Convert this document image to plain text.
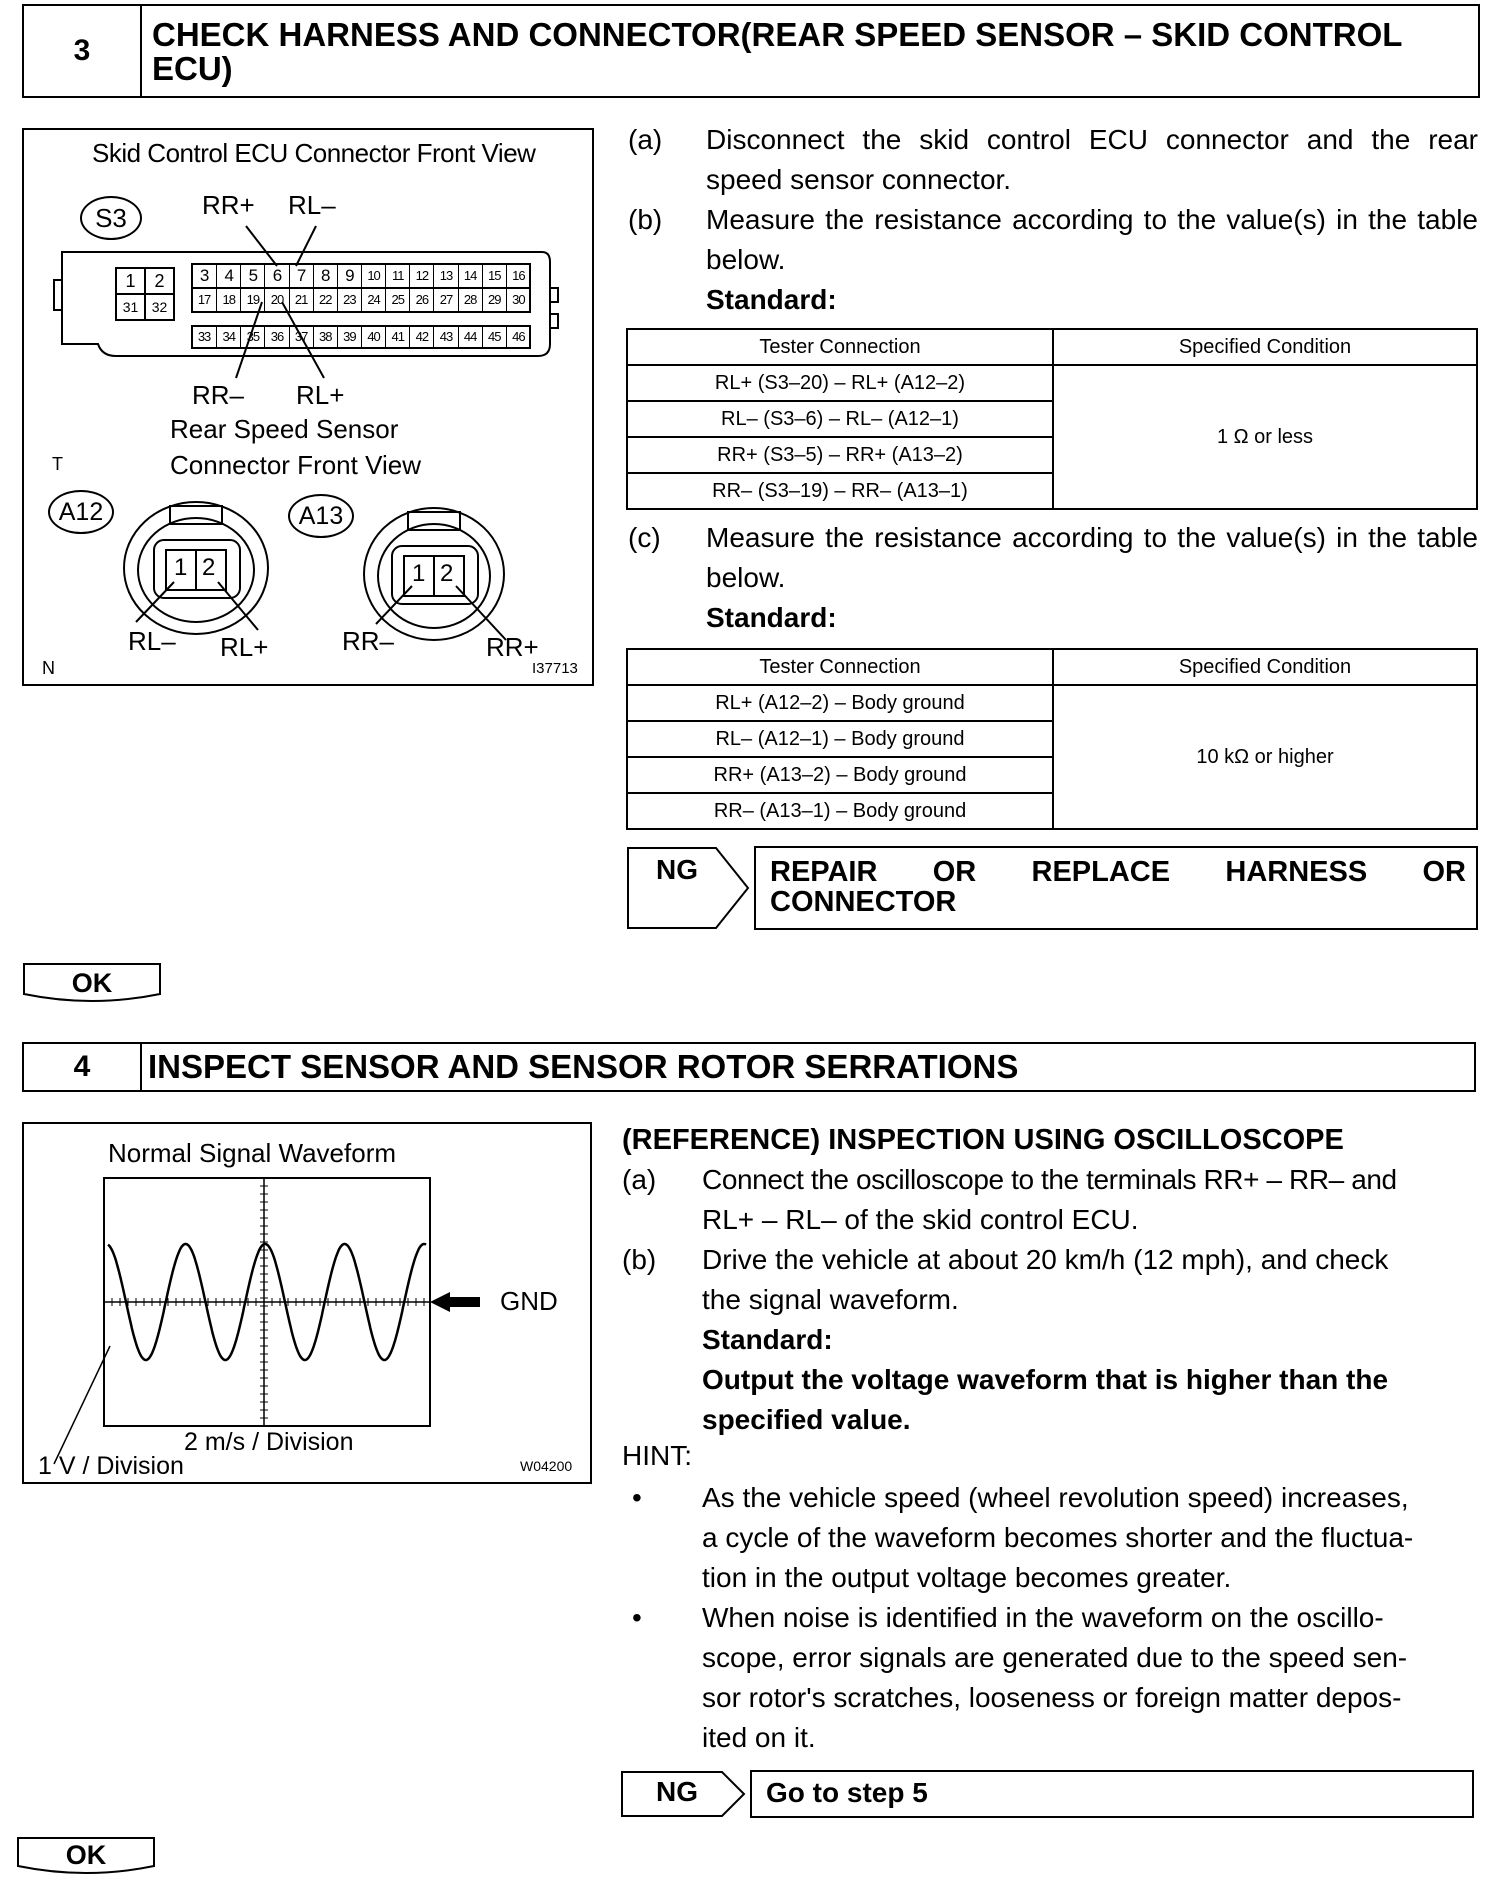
3	CHECK HARNESS AND CONNECTOR(REAR SPEED SENSOR – SKID CONTROL ECU)
Skid Control ECU Connector Front View
S3	RR+ RL–
1	2
31 32
3 4 5 6 7 8 9	10 11 12 13 14 15 16
17 18 19 20 21 22 23 24 25 26 27 28 29 30
33 34 35 36 37 38 39 40 41 42 43 44 45 46
RR– RL+
Rear Speed Sensor
Connector Front View
T
A12	A13
1 2	1 2
RL– RL+	RR–	RR+
N	I37713
(a) Disconnect the skid control ECU connector and the rear speed sensor connector.
(b) Measure the resistance according to the value(s) in the table below.
Standard:
Tester Connection	Specified Condition
RL+ (S3–20) – RL+ (A12–2)	1 Ω or less
RL– (S3–6) – RL– (A12–1)	
RR+ (S3–5) – RR+ (A13–2)	
RR– (S3–19) – RR– (A13–1)	
(c) Measure the resistance according to the value(s) in the table below.
Standard:
Tester Connection	Specified Condition
RL+ (A12–2) – Body ground	10 kΩ or higher
RL– (A12–1) – Body ground	
RR+ (A13–2) – Body ground	
RR– (A13–1) – Body ground	
NG REPAIR OR REPLACE HARNESS OR
CONNECTOR
OK
4	INSPECT SENSOR AND SENSOR ROTOR SERRATIONS
Normal Signal Waveform
GND
2 m/s / Division
1 V / Division	W04200
(REFERENCE) INSPECTION USING OSCILLOSCOPE
(a) Connect the oscilloscope to the terminals RR+ – RR– and
RL+ – RL– of the skid control ECU.
(b) Drive the vehicle at about 20 km/h (12 mph), and check
the signal waveform.
Standard:
Output the voltage waveform that is higher than the
specified value.
HINT:
• As the vehicle speed (wheel revolution speed) increases,
a cycle of the waveform becomes shorter and the fluctua-
tion in the output voltage becomes greater.
• When noise is identified in the waveform on the oscillo-
scope, error signals are generated due to the speed sen-
sor rotor's scratches, looseness or foreign matter depos-
ited on it.
NG Go to step 5
OK
